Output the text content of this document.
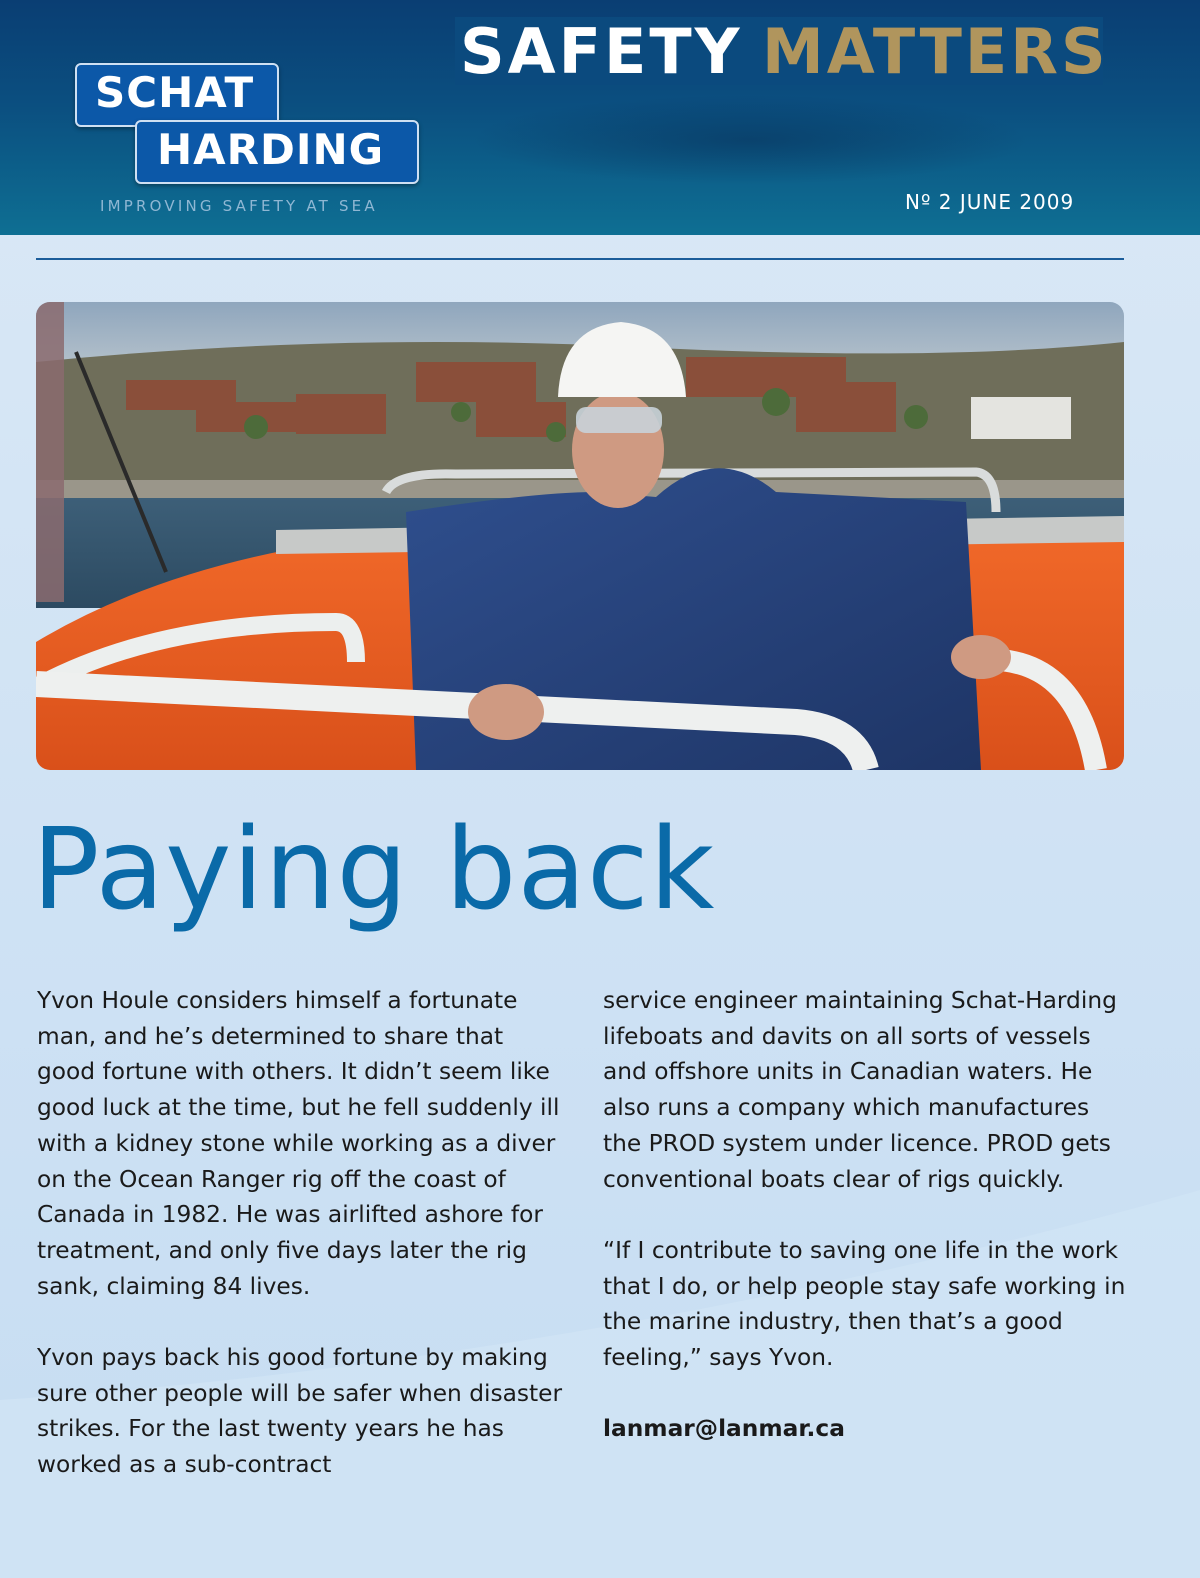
SCHAT
HARDING
IMPROVING SAFETY AT SEA
SAFETY MATTERS
Nº 2 JUNE 2009
Paying back

Yvon Houle considers himself a fortunate man, and he’s determined to share that good fortune with others. It didn’t seem like good luck at the time, but he fell suddenly ill with a kidney stone while working as a diver on the Ocean Ranger rig off the coast of Canada in 1982. He was airlifted ashore for treatment, and only five days later the rig sank, claiming 84 lives.

Yvon pays back his good fortune by making sure other people will be safer when disaster strikes. For the last twenty years he has worked as a sub-contract

service engineer maintaining Schat-Harding lifeboats and davits on all sorts of vessels and offshore units in Canadian waters. He also runs a company which manufactures the PROD system under licence. PROD gets conventional boats clear of rigs quickly.

“If I contribute to saving one life in the work that I do, or help people stay safe working in the marine industry, then that’s a good feeling,” says Yvon.

lanmar@lanmar.ca
